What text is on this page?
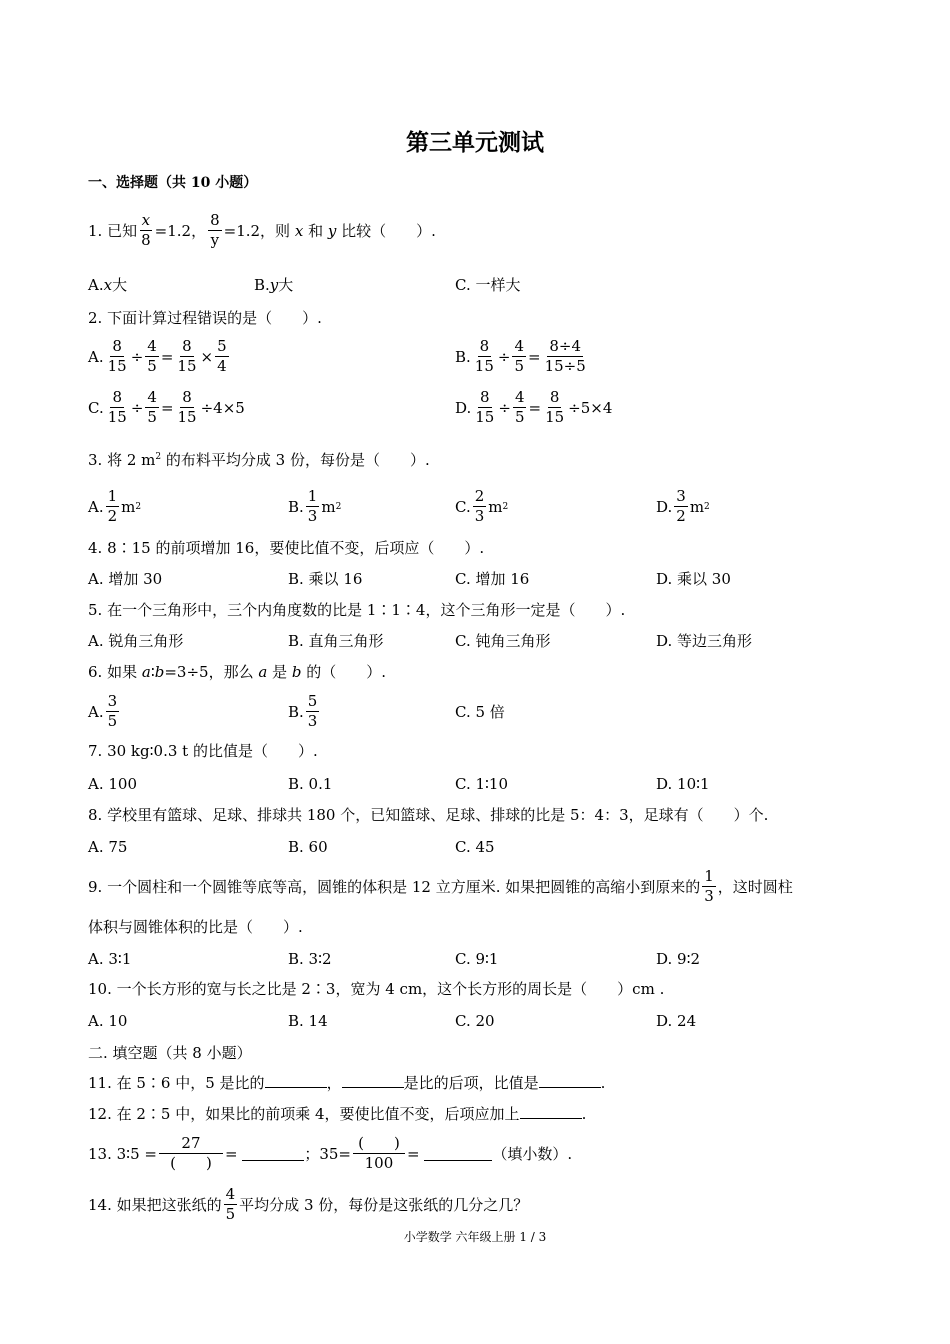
第三单元测试
一、选择题（共 10 小题）
1. 已知 $\frac{x}{8} =1.2$， $\frac{8}{y} =1.2$，则
x
和
y
比较（　　）.
A. x 大	B. y 大	C. 一样大
2. 下面计算过程错误的是（　　）.
A. $\frac{8}{15} \div \frac{4}{5} = \frac{8}{15} \times \frac{5}{4}$	B. $\frac{8}{15} \div \frac{4}{5} = \frac{8\div 4}{15\div 5}$
C. $\frac{8}{15} \div \frac{4}{5} = \frac{8}{15} \div 4\times 5$	D. $\frac{8}{15} \div \frac{4}{5} = \frac{8}{15} \div 5\times 4$
3. 将 2 $m^2$ 的布料平均分成 3 份，每份是（　　）.
A. $\frac{1}{2}$ m 2	B. $\frac{1}{3}$ m 2	C. $\frac{2}{3}$ m 2	D. $\frac{3}{2}$ m 2
4. 8∶15 的前项增加 16，要使比值不变，后项应（　　）.
A. 增加 30	B. 乘以 16	C. 增加 16	D. 乘以 30
5. 在一个三角形中，三个内角度数的比是 1∶1∶4，这个三角形一定是（　　）.
A. 锐角三角形	B. 直角三角形	C. 钝角三角形	D. 等边三角形
6. 如果 a∶b=3÷5，那么 a 是 b 的（　　）.
A. $\frac{3}{5}$	B. $\frac{5}{3}$	C. 5 倍
7. 30 kg∶0.3 t 的比值是（　　）.
A. 100	B. 0.1	C. 1∶10	D. 10∶1
8. 学校里有篮球、足球、排球共 180 个，已知篮球、足球、排球的比是 5：4：3，足球有（　　）个.
A. 75	B. 60	C. 45
9. 一个圆柱和一个圆锥等底等高，圆锥的体积是 12 立方厘米. 如果把圆锥的高缩小到原来的 $\frac{1}{3}$ ，这时圆柱
体积与圆锥体积的比是（　　）.
A. 3∶1	B. 3∶2	C. 9∶1	D. 9∶2
10. 一个长方形的宽与长之比是 2∶3，宽为 4 cm，这个长方形的周长是（　　）cm .
A. 10	B. 14	C. 20	D. 24
二. 填空题（共 8 小题）
11. 在 5∶6 中，5 是比的	，	是比的后项，比值是	.
12. 在 2∶5 中，如果比的前项乘 4，要使比值不变，后项应加上	.
13. 3∶5 = $\frac{27}{( )}$ =
	；$35= \frac{( )}{100}$ =
	（填小数）.
14. 如果把这张纸的 $\frac{4}{5}$ 平均分成 3 份，每份是这张纸的几分之几？
小学数学 六年级上册 1 / 3
